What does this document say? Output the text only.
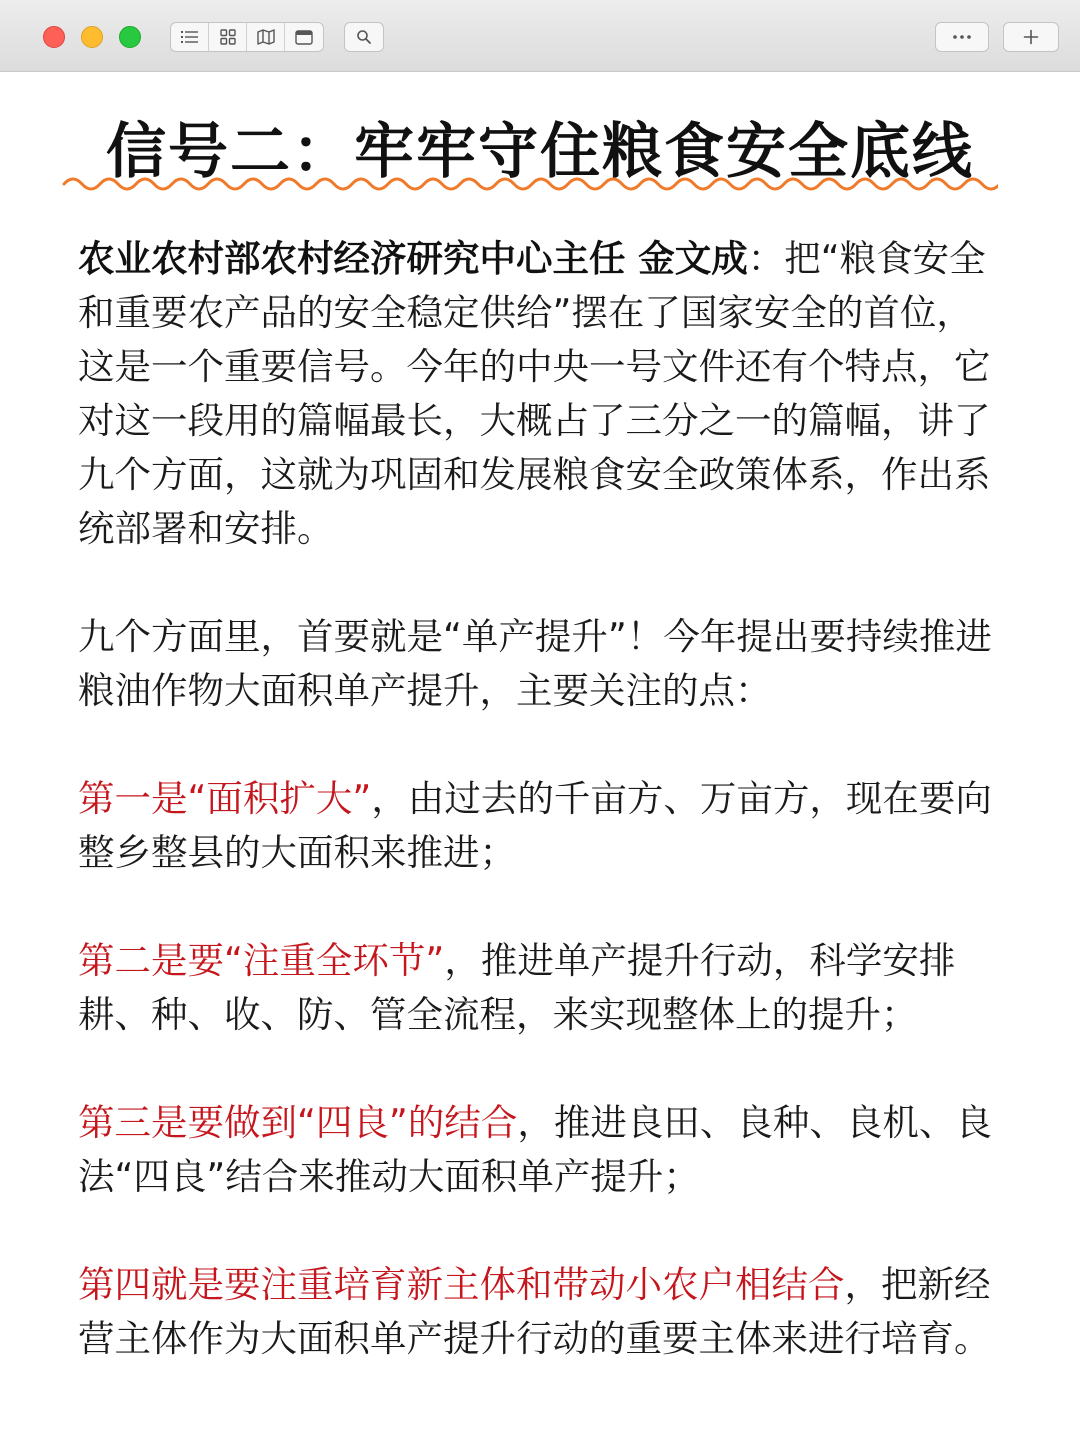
信号二：牢牢守住粮食安全底线

农业农村部农村经济研究中心主任 金文成：把“粮食安全和重要农产品的安全稳定供给”摆在了国家安全的首位，这是一个重要信号。今年的中央一号文件还有个特点，它对这一段用的篇幅最长，大概占了三分之一的篇幅，讲了九个方面，这就为巩固和发展粮食安全政策体系，作出系统部署和安排。

九个方面里，首要就是“单产提升”！今年提出要持续推进粮油作物大面积单产提升，主要关注的点：

第一是“面积扩大”，由过去的千亩方、万亩方，现在要向整乡整县的大面积来推进；

第二是要“注重全环节”，推进单产提升行动，科学安排耕、种、收、防、管全流程，来实现整体上的提升；

第三是要做到“四良”的结合，推进良田、良种、良机、良法“四良”结合来推动大面积单产提升；

第四就是要注重培育新主体和带动小农户相结合，把新经营主体作为大面积单产提升行动的重要主体来进行培育。
